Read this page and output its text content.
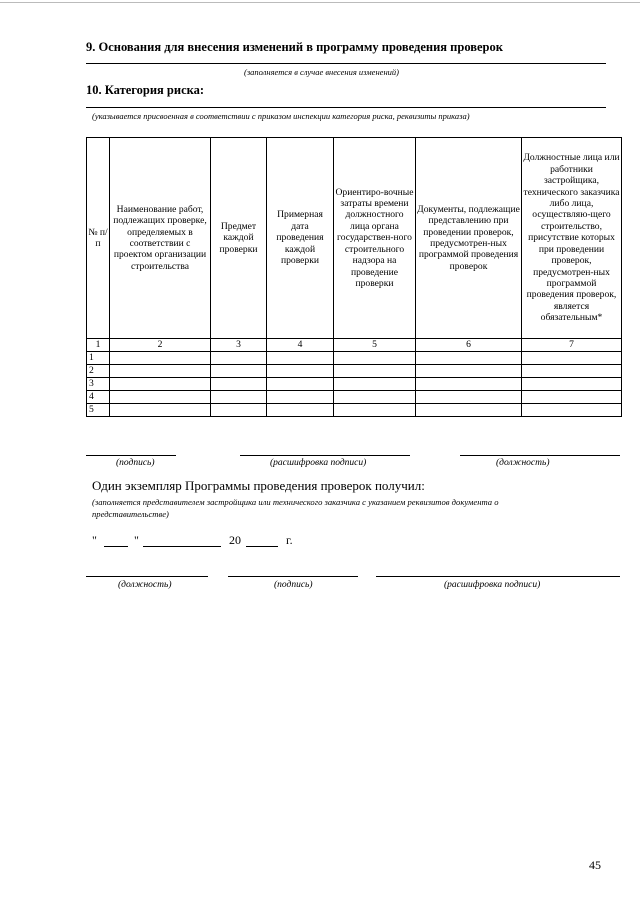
9. Основания для внесения изменений в программу проведения проверок
(заполняется в случае внесения изменений)
10. Категория риска:
(указывается присвоенная в соответствии с приказом инспекции категория риска, реквизиты приказа)
№ п/п	Наименование работ, подлежащих проверке, определяемых в соответствии с проектом организации строительства	Предмет каждой проверки	Примерная дата проведения каждой проверки	Ориентиро-вочные затраты времени должностного лица органа государствен-ного строительного надзора на проведение проверки	Документы, подлежащие представлению при проведении проверок, предусмотрен-ных программой проведения проверок	Должностные лица или работники застройщика, технического заказчика либо лица, осуществляю-щего строительство, присутствие которых при проведении проверок, предусмотрен-ных программой проведения проверок, является обязательным*
1	2	3	4	5	6	7
1						
2						
3						
4						
5						
(подпись)	(расшифровка подписи)	(должность)
Один экземпляр Программы проведения проверок получил:
(заполняется представителем застройщика или технического заказчика с указанием реквизитов документа о
представительстве)
"	"	20	г.
(должность)	(подпись)	(расшифровка подписи)
45
